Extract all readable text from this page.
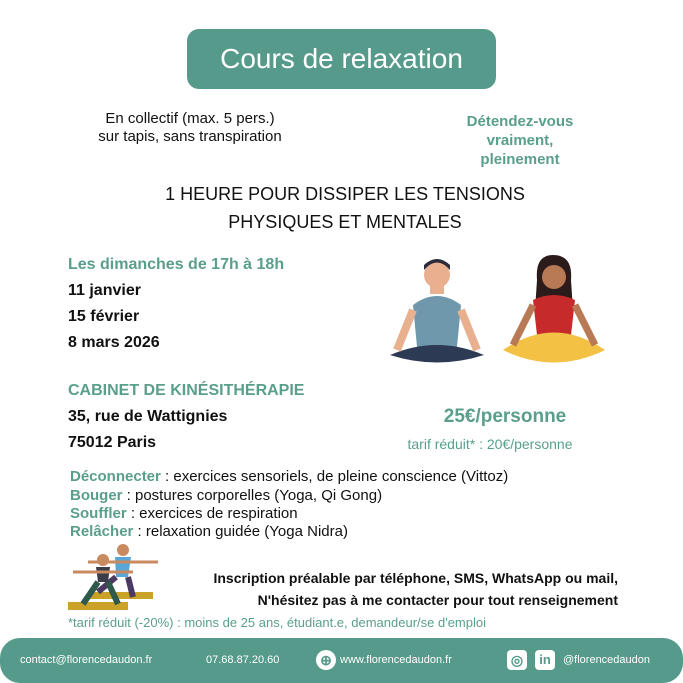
Cours de relaxation
En collectif (max. 5 pers.)
sur tapis, sans transpiration
Détendez-vous
vraiment,
pleinement
1 HEURE POUR DISSIPER LES TENSIONS
PHYSIQUES ET MENTALES
Les dimanches de 17h à 18h
11 janvier
15 février
8 mars 2026
CABINET DE KINÉSITHÉRAPIE
35, rue de Wattignies
75012 Paris
25€/personne
tarif réduit* : 20€/personne
Déconnecter : exercices sensoriels, de pleine conscience (Vittoz)
Bouger : postures corporelles (Yoga, Qi Gong)
Souffler : exercices de respiration
Relâcher : relaxation guidée (Yoga Nidra)
Inscription préalable par téléphone, SMS, WhatsApp ou mail,
N'hésitez pas à me contacter pour tout renseignement
*tarif réduit (-20%) : moins de 25 ans, étudiant.e, demandeur/se d'emploi
contact@florencedaudon.fr	07.68.87.20.60	⊕ www.florencedaudon.fr	◎	in	@florencedaudon
